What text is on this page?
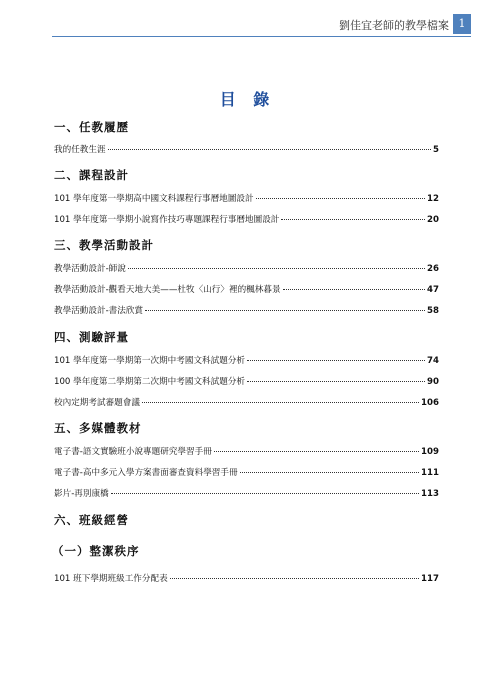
劉佳宜老師的教學檔案 1
目 錄
一、任教履歷
我的任教生涯	5
二、課程設計
101 學年度第一學期高中國文科課程行事曆地圖設計	12
101 學年度第一學期小說寫作技巧專題課程行事曆地圖設計	20
三、教學活動設計
教學活動設計-師說	26
教學活動設計-觀看天地大美——杜牧〈山行〉裡的楓林暮景	47
教學活動設計-書法欣賞	58
四、測驗評量
101 學年度第一學期第一次期中考國文科試題分析	74
100 學年度第二學期第二次期中考國文科試題分析	90
校內定期考試審題會議	106
五、多媒體教材
電子書-語文實驗班小說專題研究學習手冊	109
電子書-高中多元入學方案書面審查資料學習手冊	111
影片-再別康橋	113
六、班級經營
（一）整潔秩序
101 班下學期班級工作分配表	117
